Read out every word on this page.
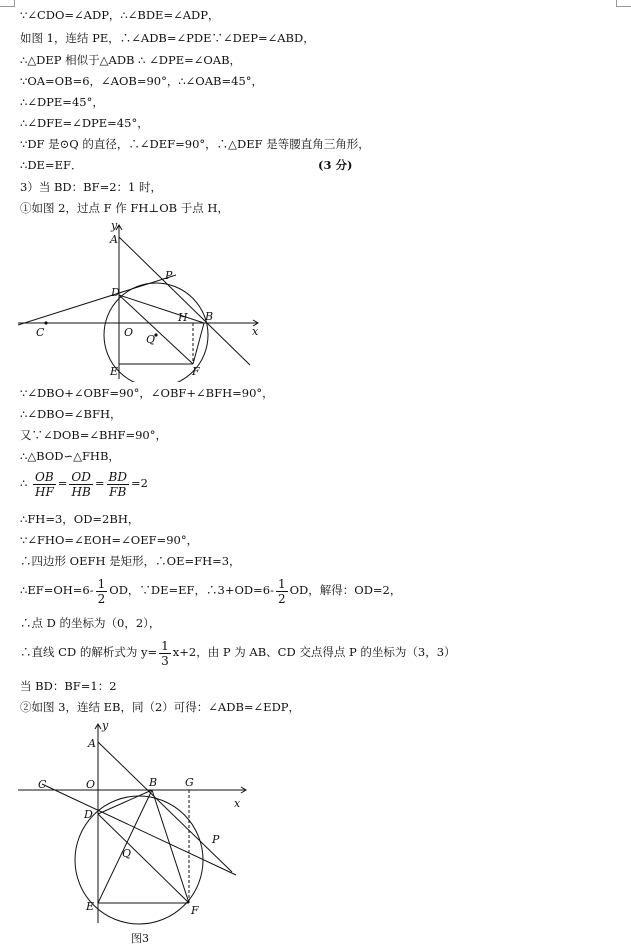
∵∠CDO=∠ADP，∴∠BDE=∠ADP，
如图 1，连结 PE，∴∠ADB=∠PDE∵∠DEP=∠ABD，
∴△DEP 相似于△ADB ∴ ∠DPE=∠OAB，
∵OA=OB=6，∠AOB=90°，∴∠OAB=45°，
∴∠DPE=45°，
∴∠DFE=∠DPE=45°，
∵DF 是⊙Q 的直径，∴∠DEF=90°，∴△DEF 是等腰直角三角形，
∴DE=EF．	(3 分)
3）当 BD：BF=2：1 时，
①如图 2，过点 F 作 FH⊥OB 于点 H，
y
A
P
D
H B
x
C	O
Q
E	F
∵∠DBO+∠OBF=90°，∠OBF+∠BFH=90°，
∴∠DBO=∠BFH，
又∵∠DOB=∠BHF=90°，
∴△BOD∽△FHB，
∴ $\frac{OB}{HF} = \frac{OD}{HB} = \frac{BD}{FB} =2$
∴FH=3，OD=2BH，
∵∠FHO=∠EOH=∠OEF=90°，
∴四边形 OEFH 是矩形，∴OE=FH=3，
∴EF=OH=6- $\frac{1}{2}$ OD，∵DE=EF，∴3+OD=6- $\frac{1}{2}$ OD，解得：OD=2，
∴点 D 的坐标为（0，2），
∴直线 CD 的解析式为 $y= \frac{1}{3} x+2$，由 P 为 AB、CD 交点得点 P 的坐标为（3，3）
当 BD：BF=1：2
②如图 3，连结 EB，同（2）可得：∠ADB=∠EDP，
y
A
C	O	B	G
x
D
P
Q
E	F
图3
